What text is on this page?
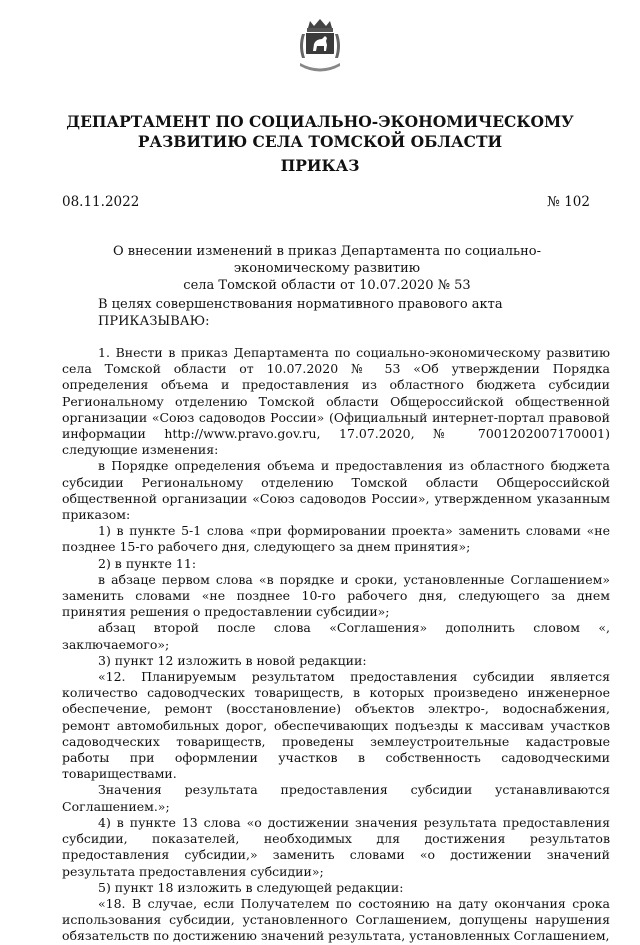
ДЕПАРТАМЕНТ ПО СОЦИАЛЬНО-ЭКОНОМИЧЕСКОМУ
РАЗВИТИЮ СЕЛА ТОМСКОЙ ОБЛАСТИ
ПРИКАЗ
08.11.2022	№ 102
О внесении изменений в приказ Департамента по социально-экономическому развитию
села Томской области от 10.07.2020 № 53
В целях совершенствования нормативного правового акта
ПРИКАЗЫВАЮ:

1. Внести в приказ Департамента по социально-экономическому развитию села Томской области от 10.07.2020 № 53 «Об утверждении Порядка определения объема и предоставления из областного бюджета субсидии Региональному отделению Томской области Общероссийской общественной организации «Союз садоводов России» (Официальный интернет-портал правовой информации http://www.pravo.gov.ru, 17.07.2020, № 7001202007170001) следующие изменения:

в Порядке определения объема и предоставления из областного бюджета субсидии Региональному отделению Томской области Общероссийской общественной организации «Союз садоводов России», утвержденном указанным приказом:

1) в пункте 5-1 слова «при формировании проекта» заменить словами «не позднее 15-го рабочего дня, следующего за днем принятия»;

2) в пункте 11:

в абзаце первом слова «в порядке и сроки, установленные Соглашением» заменить словами «не позднее 10-го рабочего дня, следующего за днем принятия решения о предоставлении субсидии»;

абзац второй после слова «Соглашения» дополнить словом «, заключаемого»;

3) пункт 12 изложить в новой редакции:

«12. Планируемым результатом предоставления субсидии является количество садоводческих товариществ, в которых произведено инженерное обеспечение, ремонт (восстановление) объектов электро-, водоснабжения, ремонт автомобильных дорог, обеспечивающих подъезды к массивам участков садоводческих товариществ, проведены землеустроительные кадастровые работы при оформлении участков в собственность садоводческими товариществами.

Значения результата предоставления субсидии устанавливаются Соглашением.»;

4) в пункте 13 слова «о достижении значения результата предоставления субсидии, показателей, необходимых для достижения результатов предоставления субсидии,» заменить словами «о достижении значений результата предоставления субсидии»;

5) пункт 18 изложить в следующей редакции:

«18. В случае, если Получателем по состоянию на дату окончания срока использования субсидии, установленного Соглашением, допущены нарушения обязательств по достижению значений результата, установленных Соглашением,
